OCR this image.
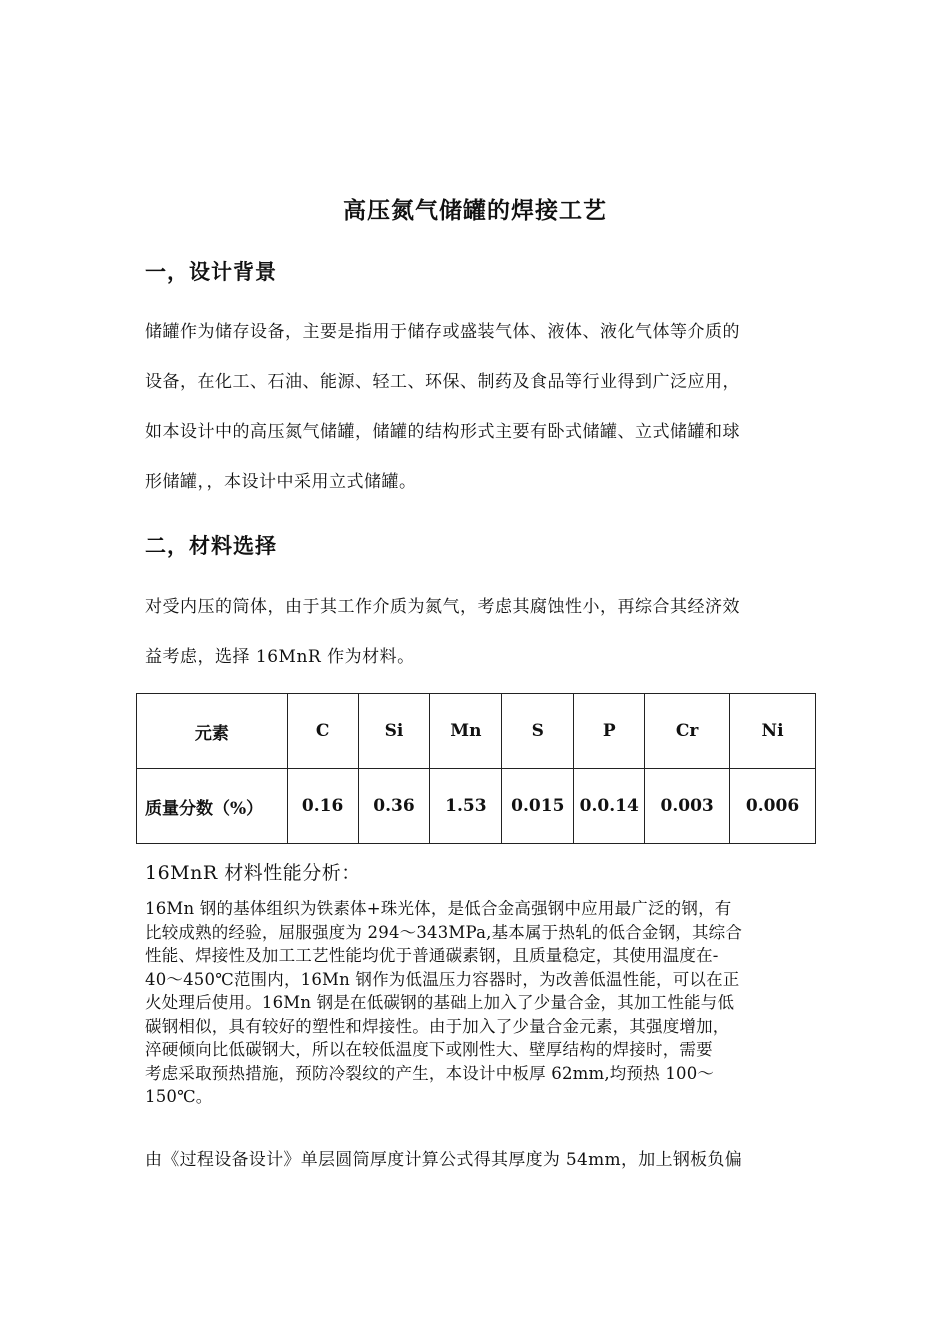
高压氮气储罐的焊接工艺
一，设计背景
储罐作为储存设备，主要是指用于储存或盛装气体、液体、液化气体等介质的
设备，在化工、石油、能源、轻工、环保、制药及食品等行业得到广泛应用，
如本设计中的高压氮气储罐，储罐的结构形式主要有卧式储罐、立式储罐和球
形储罐，，本设计中采用立式储罐。
二，材料选择
对受内压的筒体，由于其工作介质为氮气，考虑其腐蚀性小，再综合其经济效
益考虑，选择 16MnR 作为材料。
元素	C	Si	Mn	S	P	Cr	Ni
质量分数（%）	0.16	0.36	1.53	0.015	0.0.14	0.003	0.006
16MnR 材料性能分析：
16Mn 钢的基体组织为铁素体+珠光体，是低合金高强钢中应用最广泛的钢，有
比较成熟的经验，屈服强度为 294～343MPa,基本属于热轧的低合金钢，其综合
性能、焊接性及加工工艺性能均优于普通碳素钢，且质量稳定，其使用温度在-
40～450℃范围内，16Mn 钢作为低温压力容器时，为改善低温性能，可以在正
火处理后使用。16Mn 钢是在低碳钢的基础上加入了少量合金，其加工性能与低
碳钢相似，具有较好的塑性和焊接性。由于加入了少量合金元素，其强度增加，
淬硬倾向比低碳钢大，所以在较低温度下或刚性大、壁厚结构的焊接时，需要
考虑采取预热措施，预防冷裂纹的产生，本设计中板厚 62mm,均预热 100～
150℃。
由《过程设备设计》单层圆筒厚度计算公式得其厚度为 54mm，加上钢板负偏
